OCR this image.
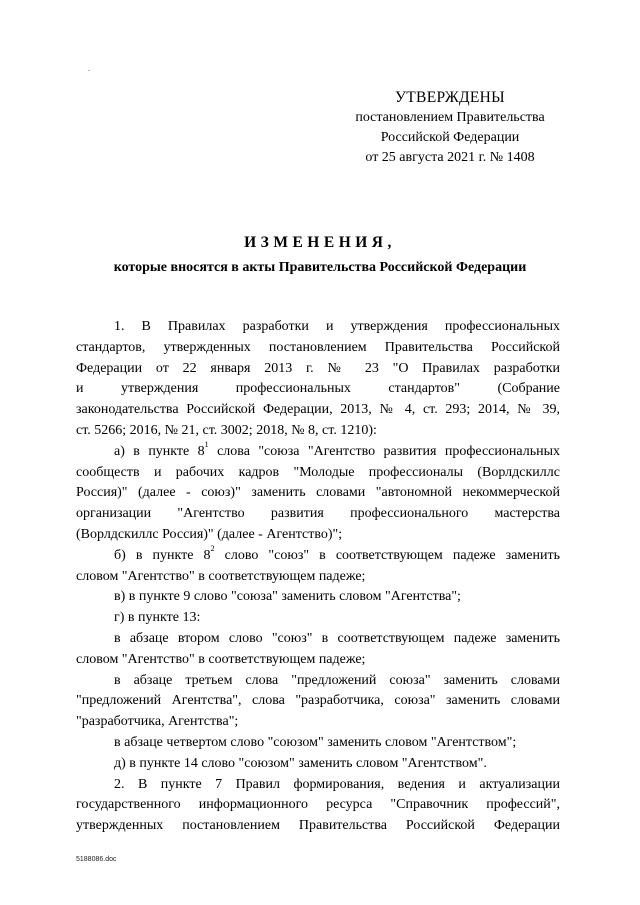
УТВЕРЖДЕНЫ
постановлением Правительства
Российской Федерации
от 25 августа 2021 г. № 1408
ИЗМЕНЕНИЯ,
которые вносятся в акты Правительства Российской Федерации
1. В Правилах разработки и утверждения профессиональных
стандартов, утвержденных постановлением Правительства Российской
Федерации от 22 января 2013 г. № 23 "О Правилах разработки
и утверждения профессиональных стандартов" (Собрание
законодательства Российской Федерации, 2013, № 4, ст. 293; 2014, № 39,
ст. 5266; 2016, № 21, ст. 3002; 2018, № 8, ст. 1210):
а) в пункте $8^1$ слова "союза "Агентство развития профессиональных
сообществ и рабочих кадров "Молодые профессионалы (Ворлдскиллс
Россия)" (далее - союз)" заменить словами "автономной некоммерческой
организации "Агентство развития профессионального мастерства
(Ворлдскиллс Россия)" (далее - Агентство)";
б) в пункте $8^2$ слово "союз" в соответствующем падеже заменить
словом "Агентство" в соответствующем падеже;
в) в пункте 9 слово "союза" заменить словом "Агентства";
г) в пункте 13:
в абзаце втором слово "союз" в соответствующем падеже заменить
словом "Агентство" в соответствующем падеже;
в абзаце третьем слова "предложений союза" заменить словами
"предложений Агентства", слова "разработчика, союза" заменить словами
"разработчика, Агентства";
в абзаце четвертом слово "союзом" заменить словом "Агентством";
д) в пункте 14 слово "союзом" заменить словом "Агентством".
2. В пункте 7 Правил формирования, ведения и актуализации
государственного информационного ресурса "Справочник профессий",
утвержденных постановлением Правительства Российской Федерации
5188086.doc
